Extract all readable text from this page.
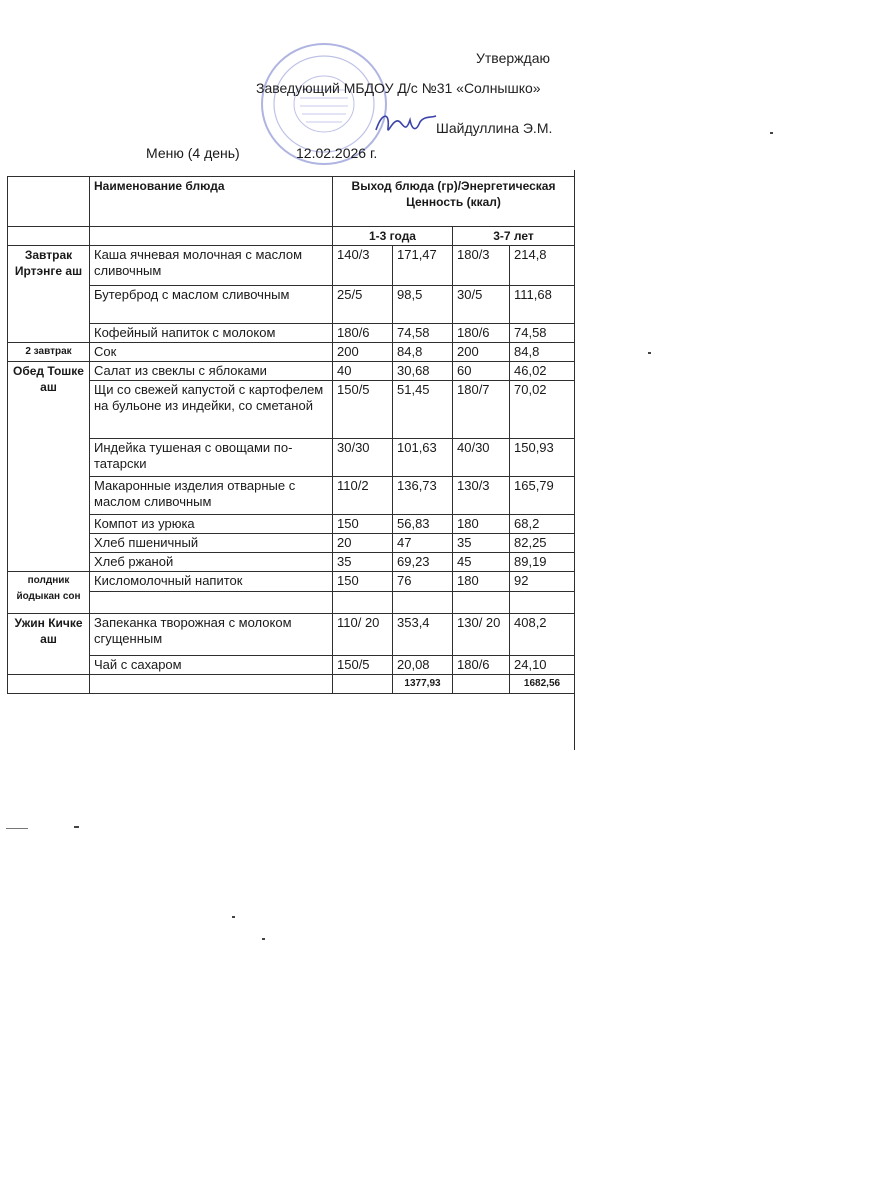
Утверждаю
Заведующий МБДОУ Д/с №31 «Солнышко»
Шайдуллина Э.М.
Меню (4 день)	12.02.2026 г.
	Наименование блюда	Выход блюда (гр)/Энергетическая Ценность (ккал)			
		1-3 года		3-7 лет	
Завтрак Иртэнге аш	Каша ячневая молочная с маслом сливочным	140/3	171,47	180/3	214,8
	Бутерброд с маслом сливочным	25/5	98,5	30/5	111,68
	Кофейный напиток с молоком	180/6	74,58	180/6	74,58
2 завтрак	Сок	200	84,8	200	84,8
Обед Тошке аш	Салат из свеклы с яблоками	40	30,68	60	46,02
	Щи со свежей капустой с картофелем на бульоне из индейки, со сметаной	150/5	51,45	180/7	70,02
	Индейка тушеная с овощами по-татарски	30/30	101,63	40/30	150,93
	Макаронные изделия отварные с маслом сливочным	110/2	136,73	130/3	165,79
	Компот из урюка	150	56,83	180	68,2
	Хлеб пшеничный	20	47	35	82,25
	Хлеб ржаной	35	69,23	45	89,19
полдник йодыкан сон	Кисломолочный напиток	150	76	180	92

Ужин Кичке аш	Запеканка творожная с молоком сгущенным	110/ 20	353,4	130/ 20	408,2
	Чай с сахаром	150/5	20,08	180/6	24,10
			1377,93		1682,56
